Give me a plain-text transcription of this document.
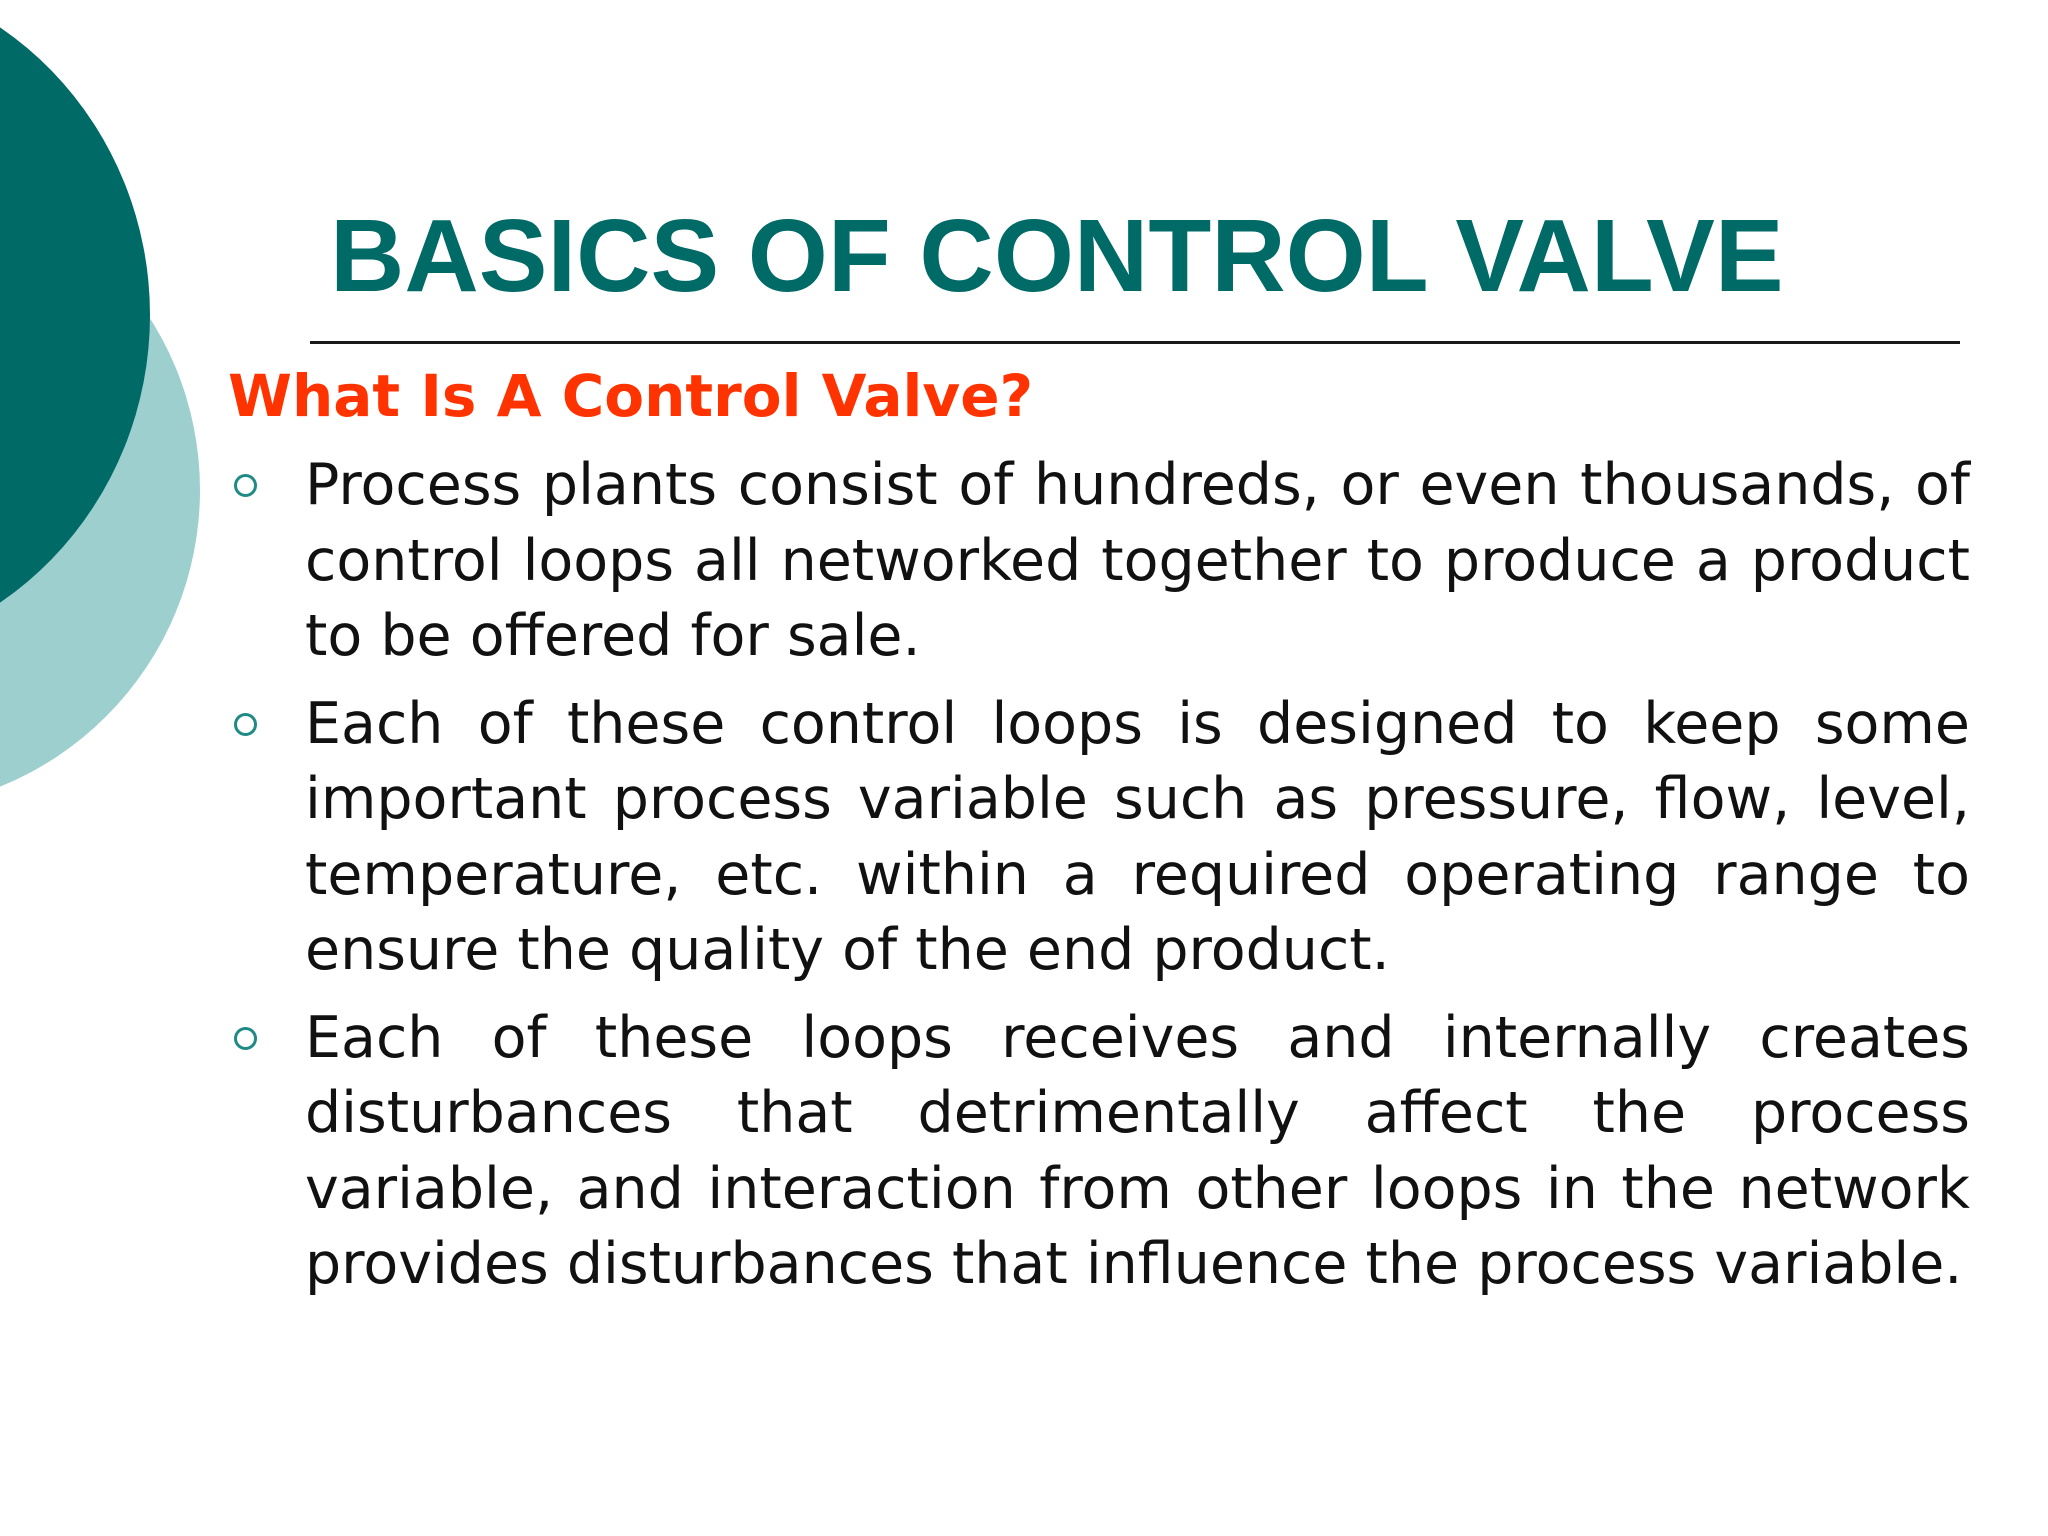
BASICS OF CONTROL VALVE
What Is A Control Valve?
Process plants consist of hundreds, or even thousands, of control loops all networked together to produce a product to be offered for sale.
Each of these control loops is designed to keep some important process variable such as pressure, flow, level, temperature, etc. within a required operating range to ensure the quality of the end product.
Each of these loops receives and internally creates disturbances that detrimentally affect the process variable, and interaction from other loops in the network provides disturbances that influence the process variable.
